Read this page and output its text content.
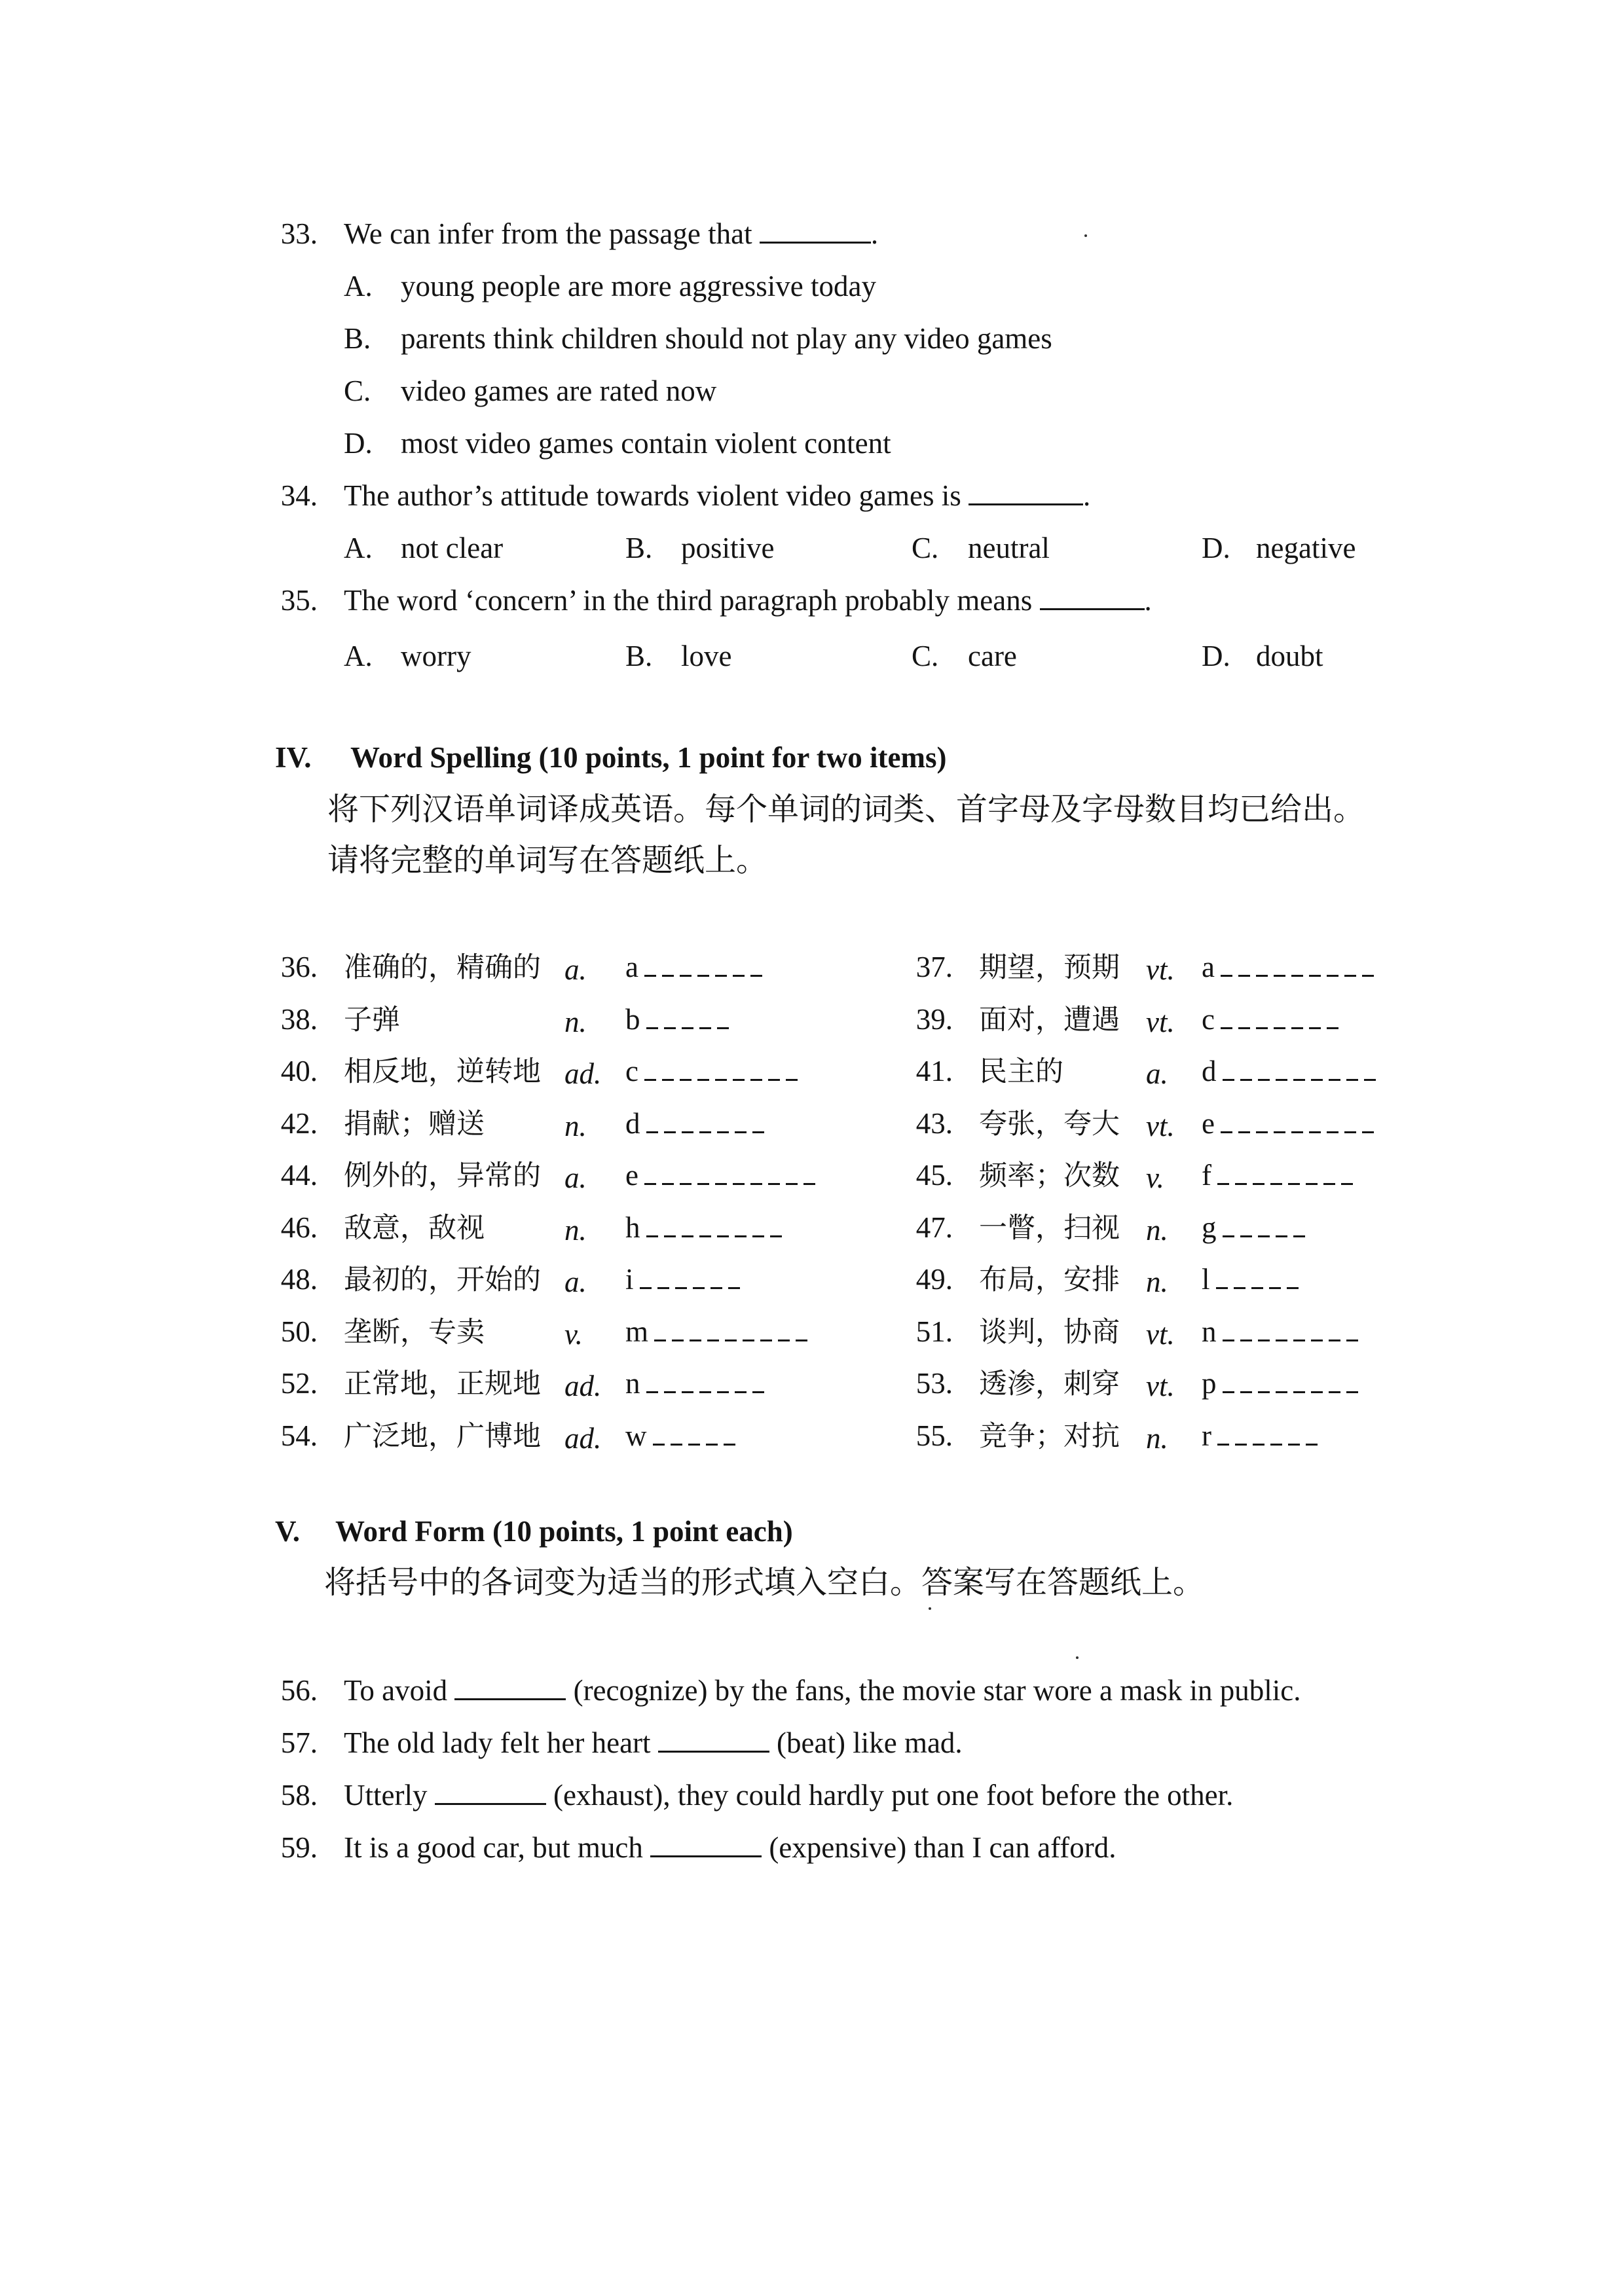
33. We can infer from the passage that	.
A. young people are more aggressive today
B. parents think children should not play any video games
C. video games are rated now
D. most video games contain violent content
34. The author’s attitude towards violent video games is	.
A. not clear	B. positive	C. neutral	D. negative
35. The word ‘concern’ in the third paragraph probably means	.
A. worry	B. love	C. care	D. doubt
IV. Word Spelling (10 points, 1 point for two items)
将下列汉语单词译成英语。每个单词的词类、首字母及字母数目均已给出。
请将完整的单词写在答题纸上。
36. 准确的，精确的 a. a	37. 期望，预期 vt. a
38. 子弹	n. b	39. 面对，遭遇 vt. c
40. 相反地，逆转地 ad. c	41. 民主的	a. d
42. 捐献；赠送	n. d	43. 夸张，夸大 vt. e
44. 例外的，异常的 a. e	45. 频率；次数 v. f
46. 敌意，敌视	n. h	47. 一瞥，扫视 n. g
48. 最初的，开始的 a. i	49. 布局，安排 n. l
50. 垄断，专卖	v. m	51. 谈判，协商 vt. n
52. 正常地，正规地 ad. n	53. 透渗，刺穿 vt. p
54. 广泛地，广博地 ad. w	55. 竞争；对抗 n. r
V. Word Form (10 points, 1 point each)
将括号中的各词变为适当的形式填入空白。答案写在答题纸上。
56. To avoid	(recognize) by the fans, the movie star wore a mask in public.
57. The old lady felt her heart	(beat) like mad.
58. Utterly	(exhaust), they could hardly put one foot before the other.
59. It is a good car, but much	(expensive) than I can afford.
